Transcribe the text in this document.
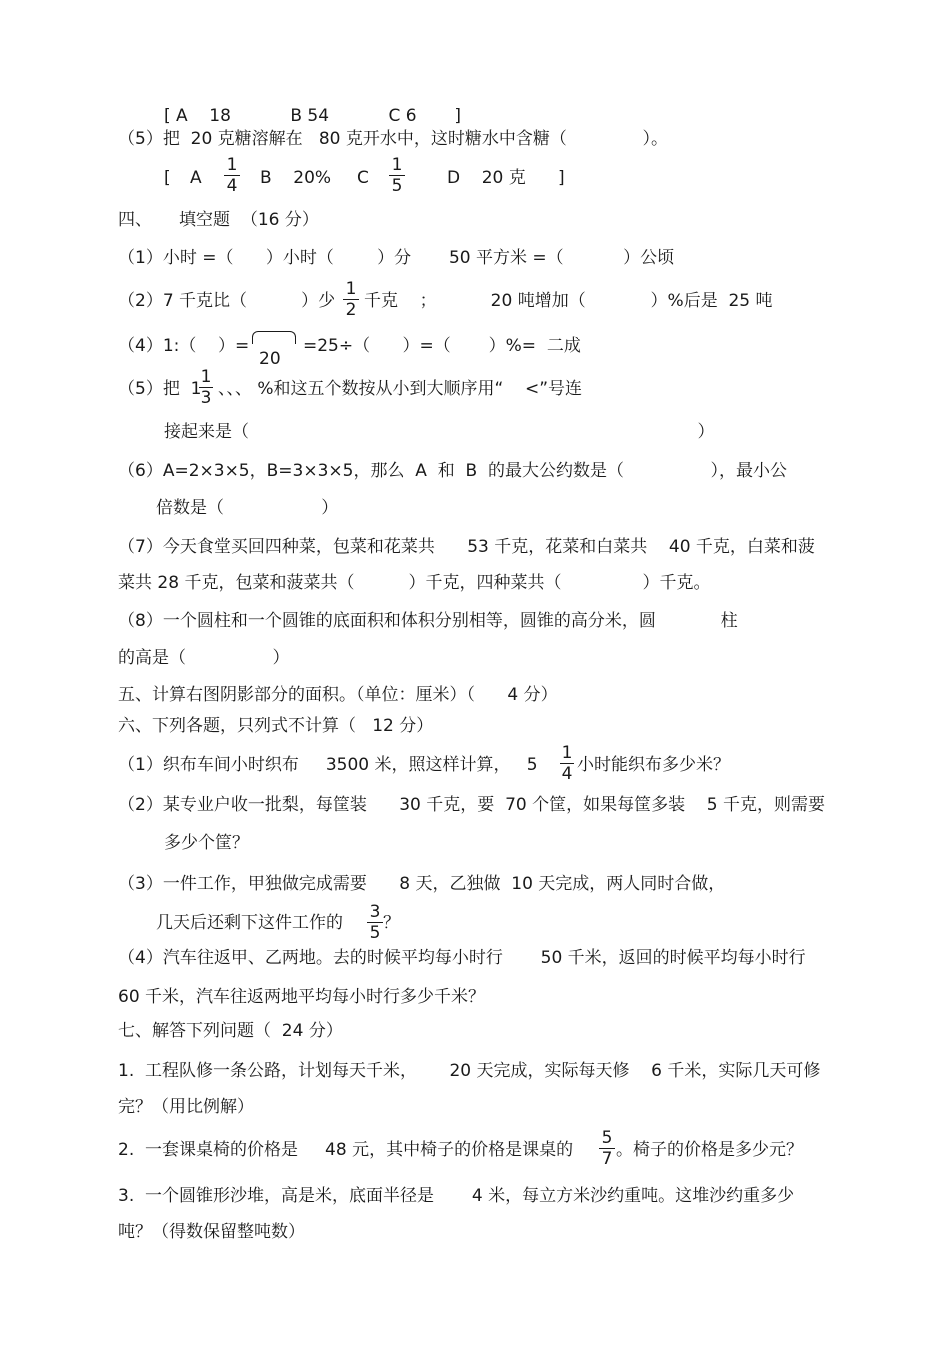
[ A    18           B 54           C 6       ]
（5）把  20 克糖溶解在   80 克开水中，这时糖水中含糖（              ）。
[ A
1
4 B    20% C
1
5	D    20 克 ]
四、     填空题  （16 分）
（1）小时 =（      ）小时（        ）分       50 平方米 =（           ）公顷
（2）7 千克比（          ）少
1
2 千克    ；          20 吨增加（            ）%后是  25 吨
（4）1:（    ）=
20
=25÷（      ）=（       ）%=  二成
（5）把  1
1
3 、、、 %和这五个数按从小到大顺序用“    <”号连
接起来是（                                                                                   ）
（6）A=2×3×5，B=3×3×5，那么  A  和  B  的最大公约数是（                ），最小公
倍数是（                  ）
（7）今天食堂买回四种菜，包菜和花菜共      53 千克，花菜和白菜共    40 千克，白菜和菠
菜共 28 千克，包菜和菠菜共（          ）千克，四种菜共（               ）千克。
（8）一个圆柱和一个圆锥的底面积和体积分别相等，圆锥的高分米，圆            柱
的高是（                ）
五、计算右图阴影部分的面积。（单位：厘米）（      4 分）
六、下列各题，只列式不计算（   12 分）
（1）织布车间小时织布     3500 米，照这样计算，   5
1
4 小时能织布多少米？
（2）某专业户收一批梨，每筐装      30 千克，要  70 个筐，如果每筐多装    5 千克，则需要
多少个筐？
（3）一件工作，甲独做完成需要      8 天，乙独做  10 天完成，两人同时合做，
几天后还剩下这件工作的
3
5 ？
（4）汽车往返甲、乙两地。去的时候平均每小时行       50 千米，返回的时候平均每小时行
60 千米，汽车往返两地平均每小时行多少千米？
七、解答下列问题（  24 分）
1.  工程队修一条公路，计划每天千米，      20 天完成，实际每天修    6 千米，实际几天可修
完？（用比例解）
2.  一套课桌椅的价格是     48 元，其中椅子的价格是课桌的
5
7 。椅子的价格是多少元？
3.  一个圆锥形沙堆，高是米，底面半径是       4 米，每立方米沙约重吨。这堆沙约重多少
吨？（得数保留整吨数）
